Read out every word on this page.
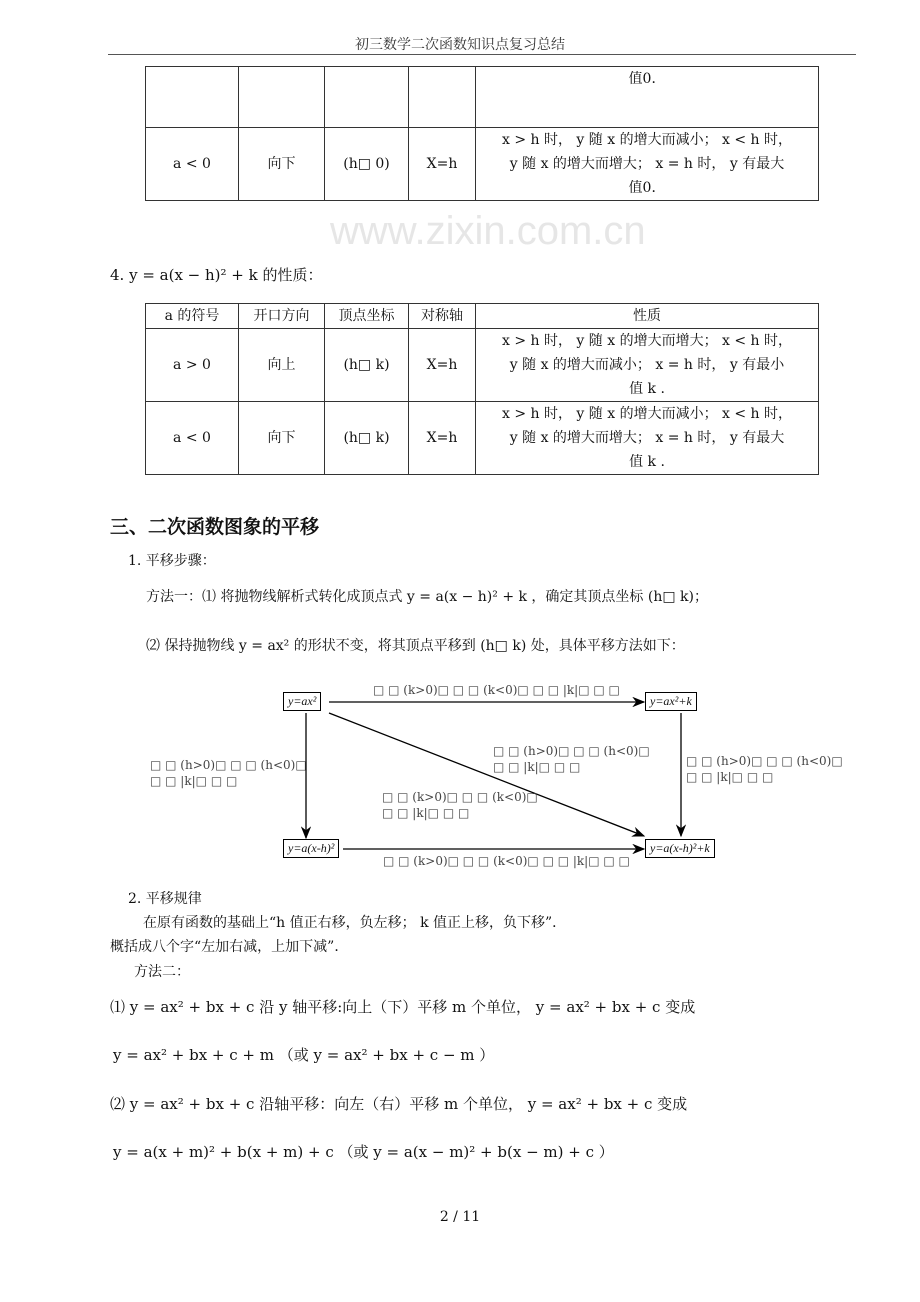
初三数学二次函数知识点复习总结
				值0．
a < 0	向下	(h□ 0)	X=h	x > h 时， y 随 x 的增大而减小； x < h 时，
y 随 x 的增大而增大； x = h 时， y 有最大
值0．
www.zixin.com.cn
4. y = a(x − h)² + k 的性质：
a 的符号	开口方向	顶点坐标	对称轴	性质
a > 0	向上	(h□ k)	X=h	x > h 时， y 随 x 的增大而增大； x < h 时，
y 随 x 的增大而减小； x = h 时， y 有最小
值 k .

a < 0	向下	(h□ k)	X=h	x > h 时， y 随 x 的增大而减小； x < h 时，
y 随 x 的增大而增大； x = h 时， y 有最大
值 k .
三、二次函数图象的平移
1. 平移步骤：
方法一：⑴ 将抛物线解析式转化成顶点式 y = a(x − h)² + k ，确定其顶点坐标 (h□ k)；
⑵ 保持抛物线 y = ax² 的形状不变，将其顶点平移到 (h□ k) 处，具体平移方法如下：
y=ax²	y=ax²+k
y=a(x-h)²	y=a(x-h)²+k
□ □ (k>0)□ □ □ (k<0)□ □ □ |k|□ □ □
□ □ (h>0)□ □ □ (h<0)□
□ □ |k|□ □ □
□ □ (h>0)□ □ □ (h<0)□
□ □ |k|□ □ □
□ □ (k>0)□ □ □ (k<0)□
□ □ |k|□ □ □
□ □ (h>0)□ □ □ (h<0)□
□ □ |k|□ □ □
□ □ (k>0)□ □ □ (k<0)□ □ □ |k|□ □ □
2. 平移规律
在原有函数的基础上“h 值正右移，负左移； k 值正上移，负下移”．
概括成八个字“左加右减，上加下减”．
方法二：
⑴ y = ax² + bx + c 沿 y 轴平移:向上（下）平移 m 个单位， y = ax² + bx + c 变成
y = ax² + bx + c + m （或 y = ax² + bx + c − m ）
⑵ y = ax² + bx + c 沿轴平移：向左（右）平移 m 个单位， y = ax² + bx + c 变成
y = a(x + m)² + b(x + m) + c （或 y = a(x − m)² + b(x − m) + c ）
2 / 11
